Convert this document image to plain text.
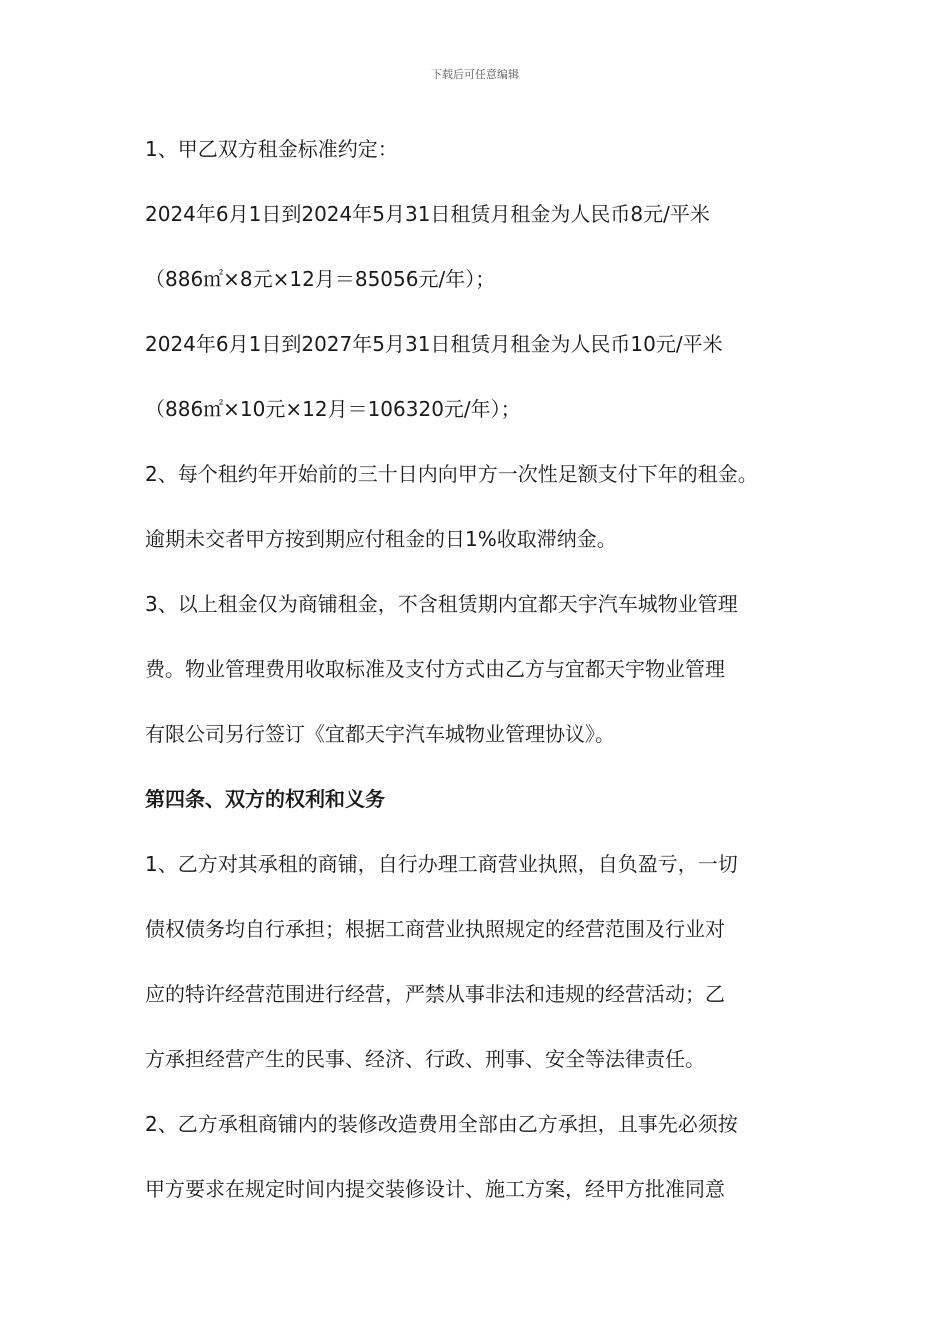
下载后可任意编辑

1、甲乙双方租金标准约定：

2024年6月1日到2024年5月31日租赁月租金为人民币8元/平米
（886㎡×8元×12月＝85056元/年）；

2024年6月1日到2027年5月31日租赁月租金为人民币10元/平米
（886㎡×10元×12月＝106320元/年）；

2、每个租约年开始前的三十日内向甲方一次性足额支付下年的租金。
逾期未交者甲方按到期应付租金的日1%收取滞纳金。

3、以上租金仅为商铺租金，不含租赁期内宜都天宇汽车城物业管理
费。物业管理费用收取标准及支付方式由乙方与宜都天宇物业管理
有限公司另行签订《宜都天宇汽车城物业管理协议》。

第四条、双方的权利和义务

1、乙方对其承租的商铺，自行办理工商营业执照，自负盈亏，一切
债权债务均自行承担；根据工商营业执照规定的经营范围及行业对
应的特许经营范围进行经营，严禁从事非法和违规的经营活动；乙
方承担经营产生的民事、经济、行政、刑事、安全等法律责任。

2、乙方承租商铺内的装修改造费用全部由乙方承担，且事先必须按
甲方要求在规定时间内提交装修设计、施工方案，经甲方批准同意
